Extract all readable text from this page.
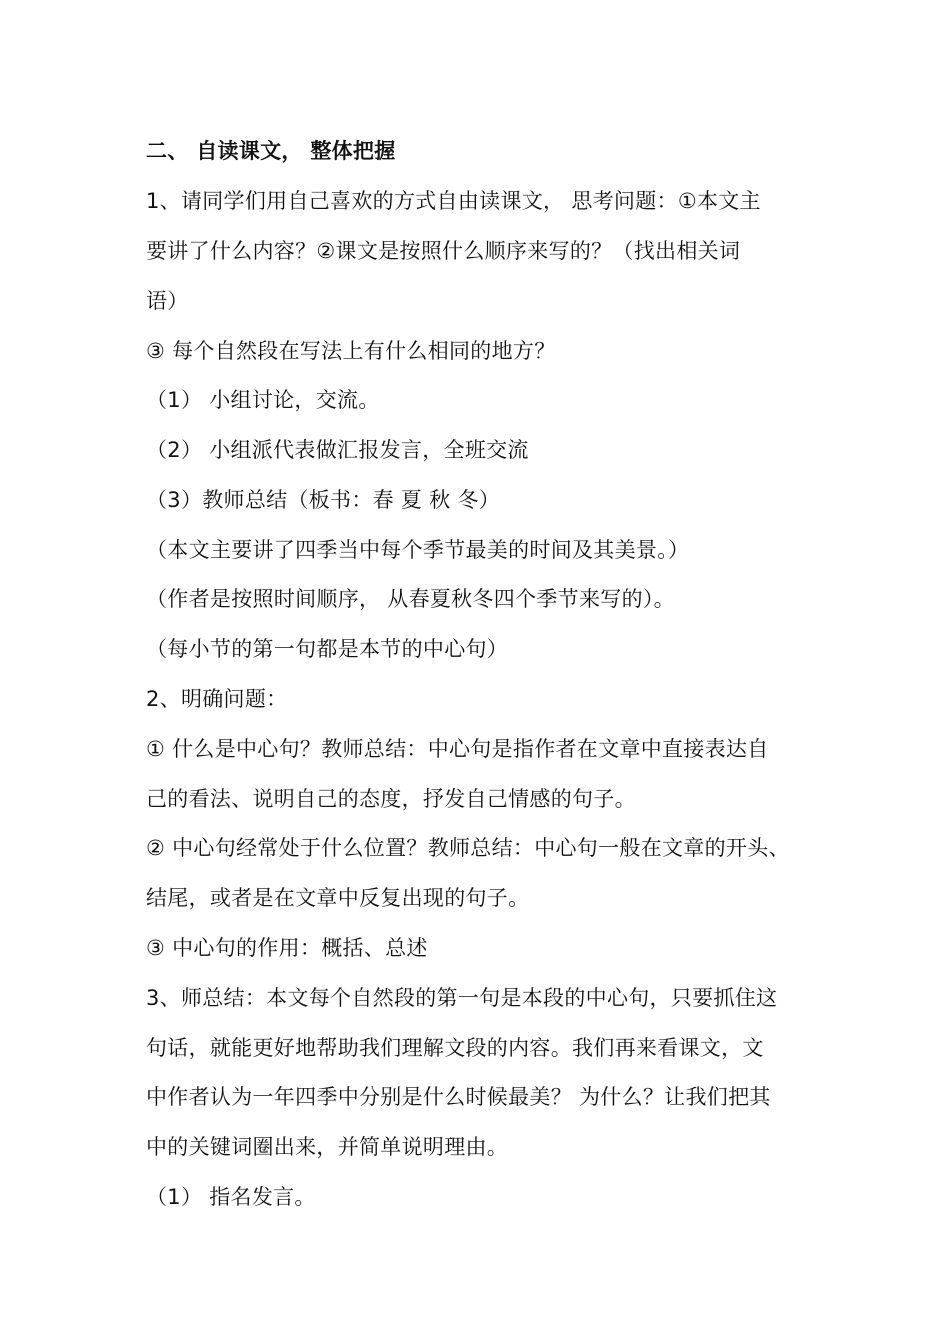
二、 自读课文， 整体把握
1、请同学们用自己喜欢的方式自由读课文， 思考问题：①本文主
要讲了什么内容？②课文是按照什么顺序来写的？（找出相关词
语）
③ 每个自然段在写法上有什么相同的地方？
（1） 小组讨论，交流。
（2） 小组派代表做汇报发言，全班交流
（3）教师总结（板书：春 夏 秋 冬）
（本文主要讲了四季当中每个季节最美的时间及其美景。）
（作者是按照时间顺序， 从春夏秋冬四个季节来写的）。
（每小节的第一句都是本节的中心句）
2、明确问题：
① 什么是中心句？教师总结：中心句是指作者在文章中直接表达自
己的看法、说明自己的态度，抒发自己情感的句子。
② 中心句经常处于什么位置？教师总结：中心句一般在文章的开头、
结尾，或者是在文章中反复出现的句子。
③ 中心句的作用：概括、总述
3、师总结：本文每个自然段的第一句是本段的中心句，只要抓住这
句话，就能更好地帮助我们理解文段的内容。我们再来看课文，文
中作者认为一年四季中分别是什么时候最美？ 为什么？让我们把其
中的关键词圈出来，并简单说明理由。
（1） 指名发言。
